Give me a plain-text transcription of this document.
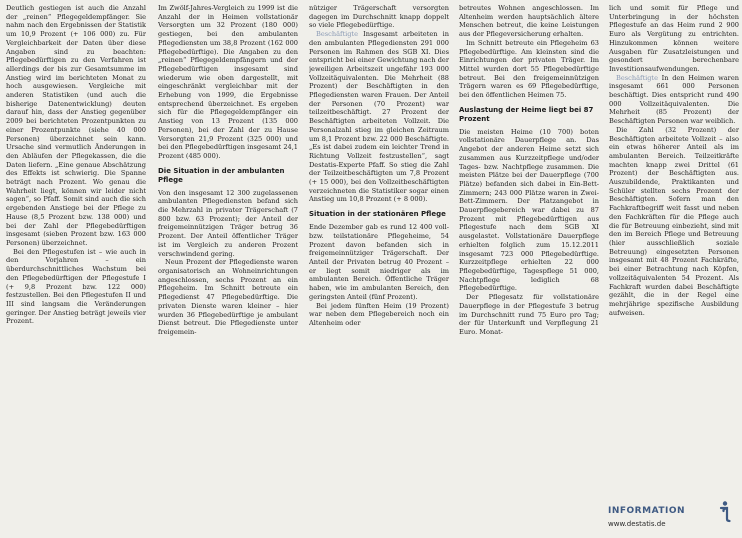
Deutlich gestiegen ist auch die Anzahl der „reinen“ Pflegegeldempfänger. Sie nahm nach den Ergebnissen der Statistik um 10,9 Prozent (+ 106 000) zu. Für Vergleichbarkeit der Daten über diese Angaben sind zu beachten: Pflegebedürftigen zu den Verfahren ist allerdings der bis zur Gesamtsumme im Anstieg wird im berichteten Monat zu hoch ausgewiesen. Vergleiche mit anderen Statistiken (und auch die bisherige Datenentwicklung) deuten darauf hin, dass der Anstieg gegenüber 2009 bei berichteten Prozentpunkten zu einer Prozentpunkte (siehe 40 000 Personen) überzeichnet sein kann. Ursache sind vermutlich Änderungen in den Abläufen der Pflegekassen, die die Daten liefern. „Eine genaue Abschätzung des Effekts ist schwierig. Die Spanne beträgt nach Prozent. Wo genau die Wahrheit liegt, können wir leider nicht sagen“, so Pfaff. Somit sind auch die sich ergebenden Anstiege bei der Pflege zu Hause (8,5 Prozent bzw. 138 000) und bei der Zahl der Pflegebedürftigen insgesamt (sieben Prozent bzw. 163 000 Personen) überzeichnet.

Bei den Pflegestufen ist – wie auch in den Vorjahren – ein überdurchschnittliches Wachstum bei den Pflegebedürftigen der Pflegestufe I (+ 9,8 Prozent bzw. 122 000) festzustellen. Bei den Pflegestufen II und III sind langsam die Veränderungen geringer. Der Anstieg beträgt jeweils vier Prozent.

Im Zwölf-Jahres-Vergleich zu 1999 ist die Anzahl der in Heimen vollstationär Versorgten um 32 Prozent (180 000) gestiegen, bei den ambulanten Pflegediensten um 38,8 Prozent (162 000 Pflegebedürftige). Die Angaben zu den „reinen“ Pflegegeldempfängern und der Pflegebedürftigen insgesamt sind wiederum wie oben dargestellt, mit eingeschränkt vergleichbar mit der Erhebung von 1999, die Ergebnisse entsprechend überzeichnet. Es ergeben sich für die Pflegegeldempfänger ein Anstieg von 13 Prozent (135 000 Personen), bei der Zahl der zu Hause Versorgten 21,9 Prozent (325 000) und bei den Pflegebedürftigen insgesamt 24,1 Prozent (485 000).

Die Situation in der ambulanten Pflege

Von den insgesamt 12 300 zugelassenen ambulanten Pflegediensten befand sich die Mehrzahl in privater Trägerschaft (7 800 bzw. 63 Prozent); der Anteil der freigemeinnützigen Träger betrug 36 Prozent. Der Anteil öffentlicher Träger ist im Vergleich zu anderen Prozent verschwindend gering.

Neun Prozent der Pflegedienste waren organisatorisch an Wohneinrichtungen angeschlossen, sechs Prozent an ein Pflegeheim. Im Schnitt betreute ein Pflegedienst 47 Pflegebedürftige. Die privaten Dienste waren kleiner – hier wurden 36 Pflegebedürftige je ambulant Dienst betreut. Die Pflegedienste unter freigemein-

nütziger Trägerschaft versorgten dagegen im Durchschnitt knapp doppelt so viele Pflegebedürftige.

Beschäftigte Insgesamt arbeiteten in den ambulanten Pflegediensten 291 000 Personen im Rahmen des SGB XI. Dies entspricht bei einer Gewichtung nach der jeweiligen Arbeitszeit ungefähr 193 000 Vollzeitäquivalenten. Die Mehrheit (88 Prozent) der Beschäftigten in den Pflegediensten waren Frauen. Der Anteil der Personen (70 Prozent) war teilzeitbeschäftigt. 27 Prozent der Beschäftigten arbeiteten Vollzeit. Die Personalzahl stieg im gleichen Zeitraum um 8,1 Prozent bzw. 22 000 Beschäftigte. „Es ist dabei zudem ein leichter Trend in Richtung Vollzeit festzustellen“, sagt Destatis-Experte Pfaff. So stieg die Zahl der Teilzeitbeschäftigten um 7,8 Prozent (+ 15 000), bei den Vollzeitbeschäftigten verzeichneten die Statistiker sogar einen Anstieg um 10,8 Prozent (+ 8 000).

Situation in der stationären Pflege

Ende Dezember gab es rund 12 400 voll- bzw. teilstationäre Pflegeheime, 54 Prozent davon befanden sich in freigemeinnütziger Trägerschaft. Der Anteil der Privaten betrug 40 Prozent – er liegt somit niedriger als im ambulanten Bereich. Öffentliche Träger haben, wie im ambulanten Bereich, den geringsten Anteil (fünf Prozent).

Bei jedem fünften Heim (19 Prozent) war neben dem Pflegebereich noch ein Altenheim oder

betreutes Wohnen angeschlossen. Im Altenheim werden hauptsächlich ältere Menschen betreut, die keine Leistungen aus der Pflegeversicherung erhalten.

Im Schnitt betreute ein Pflegeheim 63 Pflegebedürftige. Am kleinsten sind die Einrichtungen der privaten Träger. Im Mittel wurden dort 55 Pflegebedürftige betreut. Bei den freigemeinnützigen Trägern waren es 69 Pflegebedürftige, bei den öffentlichen Heimen 75.

Auslastung der Heime liegt bei 87 Prozent

Die meisten Heime (10 700) boten vollstationäre Dauerpflege an. Das Angebot der anderen Heime setzt sich zusammen aus Kurzzeitpflege und/oder Tages- bzw. Nachtpflege zusammen. Die meisten Plätze bei der Dauerpflege (700 Plätze) befanden sich dabei in Ein-Bett-Zimmern; 243 000 Plätze waren in Zwei-Bett-Zimmern. Der Platzangebot in Dauerpflegebereich war dabei zu 87 Prozent mit Pflegebedürftigen aus Pflegestufe nach dem SGB XI ausgelastet. Vollstationäre Dauerpflege erhielten folglich zum 15.12.2011 insgesamt 723 000 Pflegebedürftige. Kurzzeitpflege erhielten 22 000 Pflegebedürftige, Tagespflege 51 000, Nachtpflege lediglich 68 Pflegebedürftige.

Der Pflegesatz für vollstationäre Dauerpflege in der Pflegestufe 3 betrug im Durchschnitt rund 75 Euro pro Tag; der für Unterkunft und Verpflegung 21 Euro. Monat-

lich und somit für Pflege und Unterbringung in der höchsten Pflegestufe an das Heim rund 2 900 Euro als Vergütung zu entrichten. Hinzukommen können weitere Ausgaben für Zusatzleistungen und gesondert berechenbare Investitionsaufwendungen.

Beschäftigte In den Heimen waren insgesamt 661 000 Personen beschäftigt. Dies entspricht rund 490 000 Vollzeitäquivalenten. Die Mehrheit (85 Prozent) der Beschäftigten Personen war weiblich.

Die Zahl (32 Prozent) der Beschäftigten arbeitete Vollzeit – also ein etwas höherer Anteil als im ambulanten Bereich. Teilzeitkräfte machten knapp zwei Drittel (61 Prozent) der Beschäftigten aus. Auszubildende, Praktikanten und Schüler stellten sechs Prozent der Beschäftigten. Sofern man den Fachkraftbegriff weit fasst und neben den Fachkräften für die Pflege auch die für Betreuung einbezieht, sind mit den im Bereich Pflege und Betreuung (hier ausschließlich soziale Betreuung) eingesetzten Personen insgesamt mit 48 Prozent Fachkräfte, bei einer Betrachtung nach Köpfen, vollzeitäquivalenten 54 Prozent. Als Fachkraft wurden dabei Beschäftigte gezählt, die in der Regel eine mehrjährige spezifische Ausbildung aufweisen.

INFORMATION
www.destatis.de
